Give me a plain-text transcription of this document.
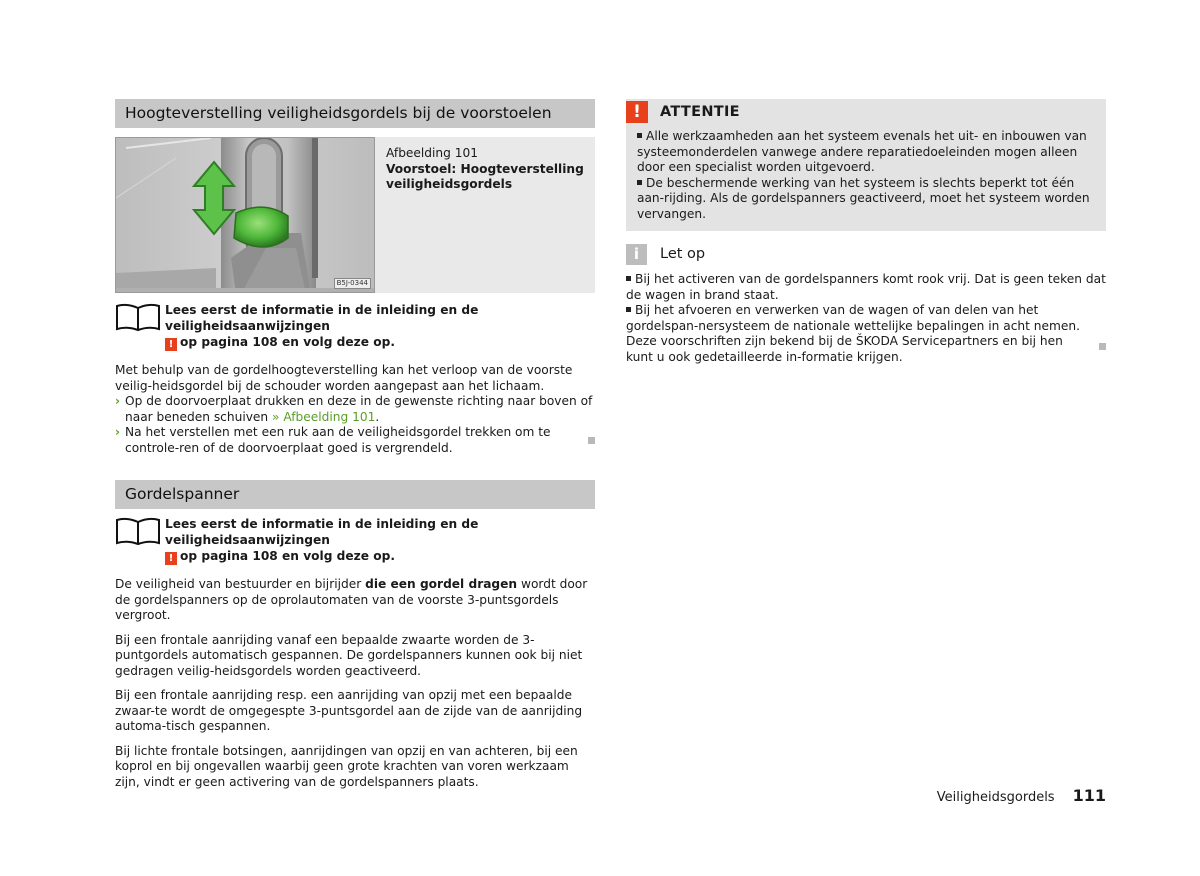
Hoogteverstelling veiligheidsgordels bij de voorstoelen
B5J-0344
Afbeelding 101
Voorstoel: Hoogteverstelling veiligheidsgordels
Lees eerst de informatie in de inleiding en de veiligheidsaanwijzingen
! op pagina 108 en volg deze op.

Met behulp van de gordelhoogteverstelling kan het verloop van de voorste veilig-heidsgordel bij de schouder worden aangepast aan het lichaam.

› Op de doorvoerplaat drukken en deze in de gewenste richting naar boven of naar beneden schuiven » Afbeelding 101.
› Na het verstellen met een ruk aan de veiligheidsgordel trekken om te controle-ren of de doorvoerplaat goed is vergrendeld.
Gordelspanner
Lees eerst de informatie in de inleiding en de veiligheidsaanwijzingen
! op pagina 108 en volg deze op.

De veiligheid van bestuurder en bijrijder die een gordel dragen wordt door de gordelspanners op de oprolautomaten van de voorste 3-puntsgordels vergroot.

Bij een frontale aanrijding vanaf een bepaalde zwaarte worden de 3-puntgordels automatisch gespannen. De gordelspanners kunnen ook bij niet gedragen veilig-heidsgordels worden geactiveerd.

Bij een frontale aanrijding resp. een aanrijding van opzij met een bepaalde zwaar-te wordt de omgegespte 3-puntsgordel aan de zijde van de aanrijding automa-tisch gespannen.

Bij lichte frontale botsingen, aanrijdingen van opzij en van achteren, bij een koprol en bij ongevallen waarbij geen grote krachten van voren werkzaam zijn, vindt er geen activering van de gordelspanners plaats.

!	ATTENTIE
Alle werkzaamheden aan het systeem evenals het uit- en inbouwen van systeemonderdelen vanwege andere reparatiedoeleinden mogen alleen door een specialist worden uitgevoerd.
De beschermende werking van het systeem is slechts beperkt tot één aan-rijding. Als de gordelspanners geactiveerd, moet het systeem worden vervangen.
i	Let op
Bij het activeren van de gordelspanners komt rook vrij. Dat is geen teken dat de wagen in brand staat.
Bij het afvoeren en verwerken van de wagen of van delen van het gordelspan-nersysteem de nationale wettelijke bepalingen in acht nemen. Deze voorschriften zijn bekend bij de ŠKODA Servicepartners en bij hen kunt u ook gedetailleerde in-formatie krijgen.
Veiligheidsgordels 111
